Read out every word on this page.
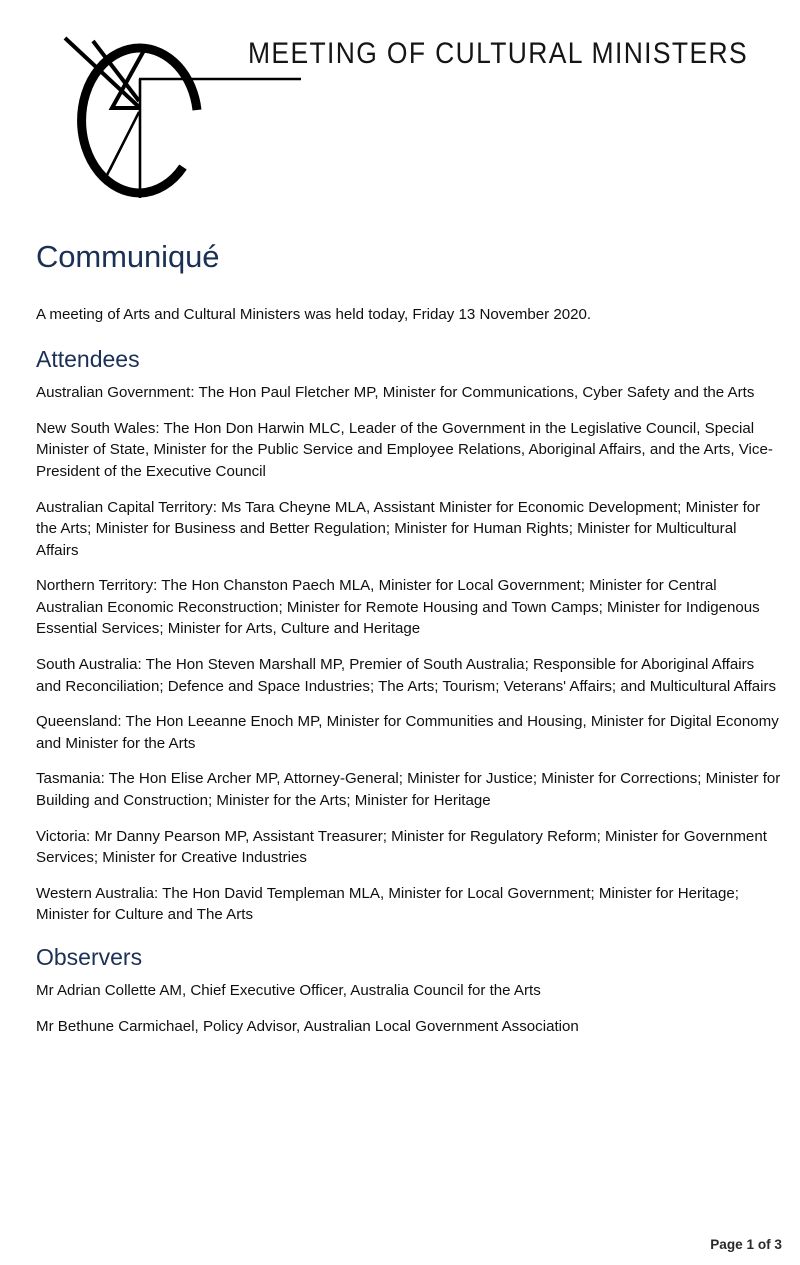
MEETING OF CULTURAL MINISTERS
Communiqué

A meeting of Arts and Cultural Ministers was held today, Friday 13 November 2020.

Attendees

Australian Government: The Hon Paul Fletcher MP, Minister for Communications, Cyber Safety and the Arts

New South Wales: The Hon Don Harwin MLC, Leader of the Government in the Legislative Council, Special Minister of State, Minister for the Public Service and Employee Relations, Aboriginal Affairs, and the Arts, Vice-President of the Executive Council

Australian Capital Territory: Ms Tara Cheyne MLA, Assistant Minister for Economic Development; Minister for the Arts; Minister for Business and Better Regulation; Minister for Human Rights; Minister for Multicultural Affairs

Northern Territory: The Hon Chanston Paech MLA, Minister for Local Government; Minister for Central Australian Economic Reconstruction; Minister for Remote Housing and Town Camps; Minister for Indigenous Essential Services; Minister for Arts, Culture and Heritage

South Australia: The Hon Steven Marshall MP, Premier of South Australia; Responsible for Aboriginal Affairs and Reconciliation; Defence and Space Industries; The Arts; Tourism; Veterans' Affairs; and Multicultural Affairs

Queensland: The Hon Leeanne Enoch MP, Minister for Communities and Housing, Minister for Digital Economy and Minister for the Arts

Tasmania: The Hon Elise Archer MP, Attorney-General; Minister for Justice; Minister for Corrections; Minister for Building and Construction; Minister for the Arts; Minister for Heritage

Victoria: Mr Danny Pearson MP, Assistant Treasurer; Minister for Regulatory Reform; Minister for Government Services; Minister for Creative Industries

Western Australia: The Hon David Templeman MLA, Minister for Local Government; Minister for Heritage; Minister for Culture and The Arts

Observers

Mr Adrian Collette AM, Chief Executive Officer, Australia Council for the Arts

Mr Bethune Carmichael, Policy Advisor, Australian Local Government Association

Page 1 of 3
